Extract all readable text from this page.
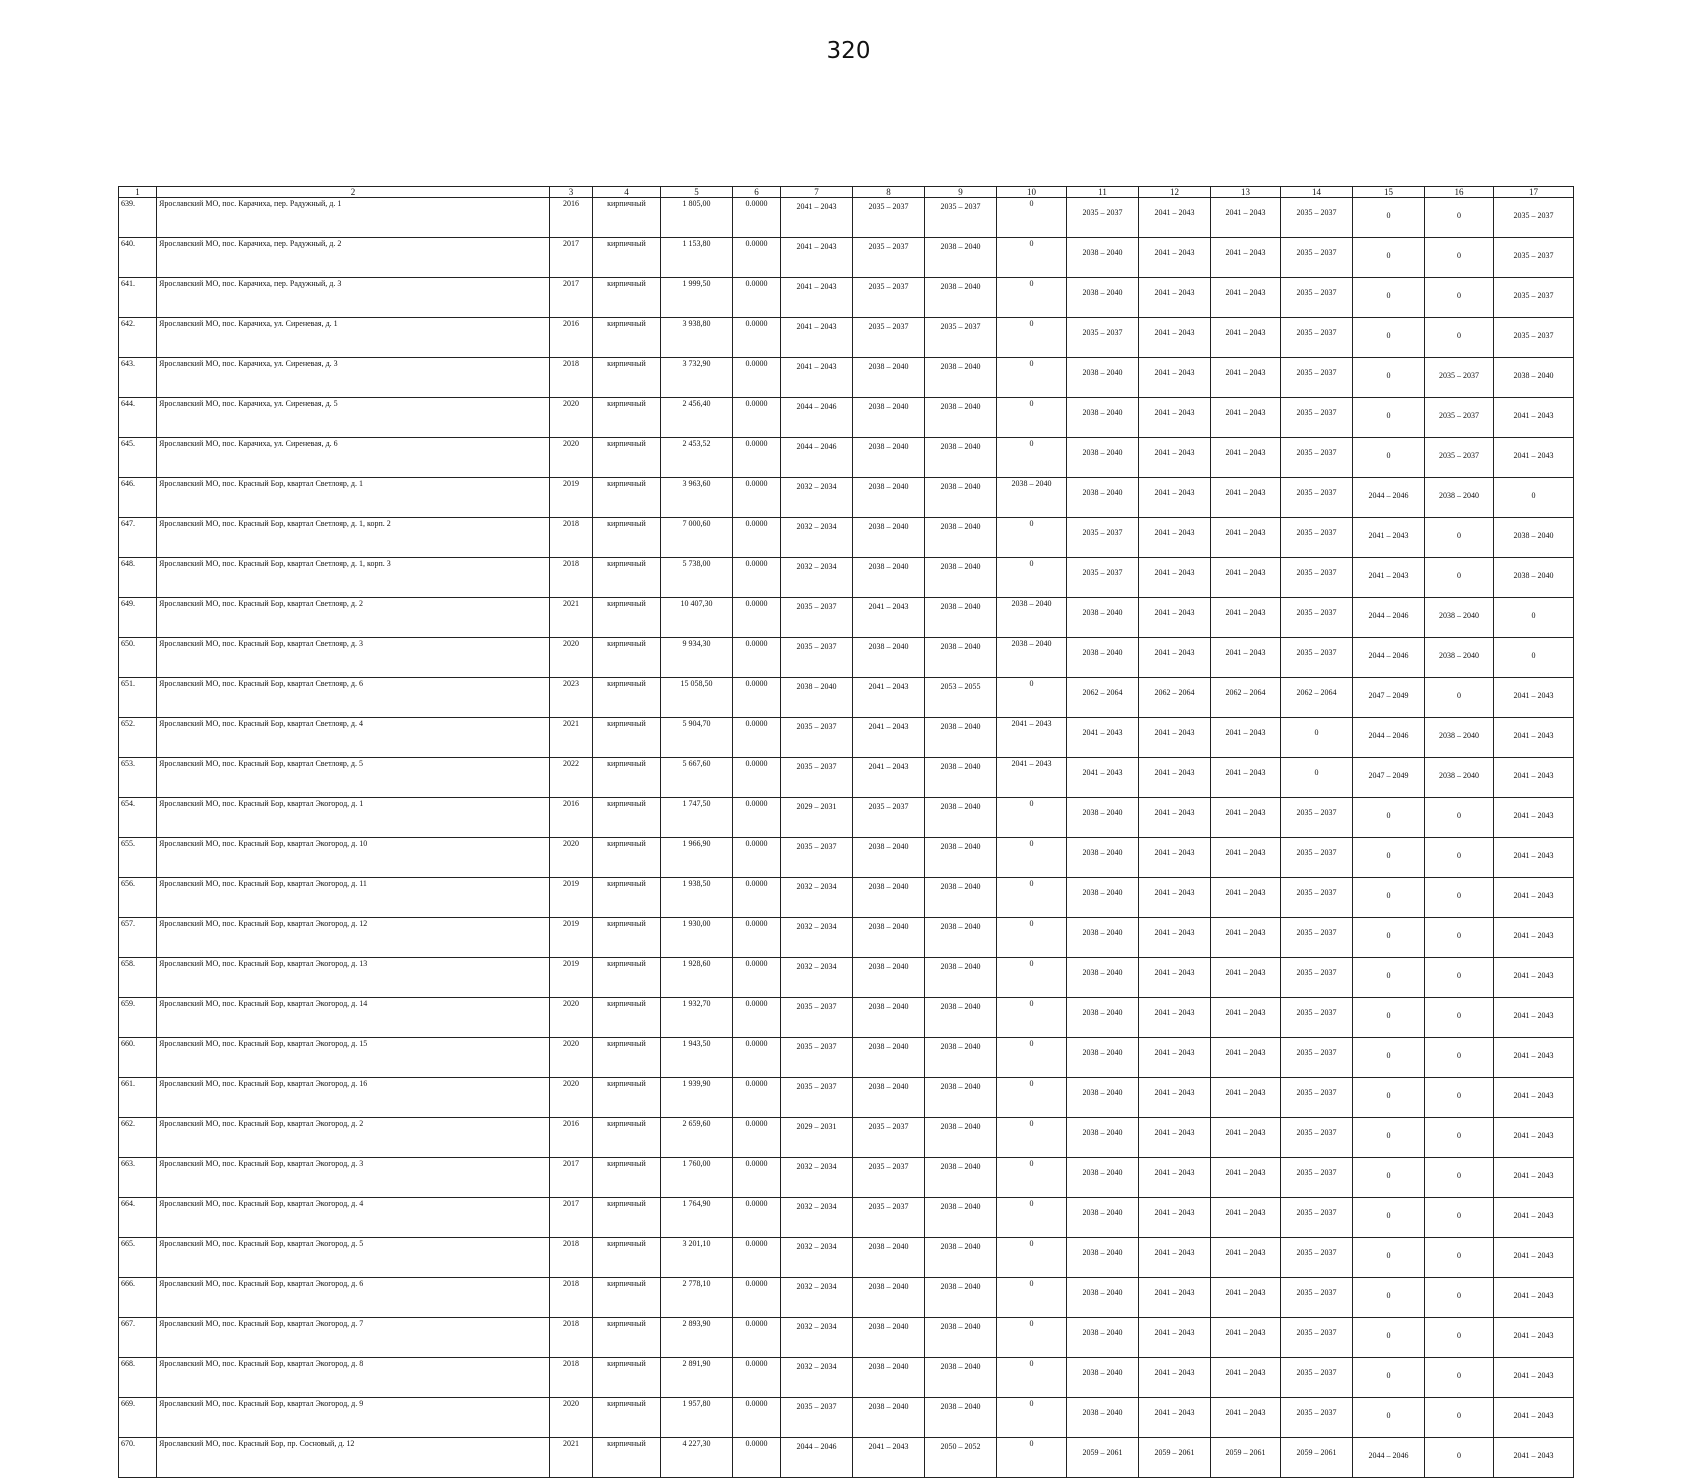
320
1	2	3	4	5	6	7	8	9	10	11	12	13	14	15	16	17
639.	Ярославский МО, пос. Карачиха, пер. Радужный, д. 1	2016	кирпичный	1 805,00	0.0000	2041 – 2043	2035 – 2037	2035 – 2037	0	2035 – 2037	2041 – 2043	2041 – 2043	2035 – 2037	0	0	2035 – 2037
640.	Ярославский МО, пос. Карачиха, пер. Радужный, д. 2	2017	кирпичный	1 153,80	0.0000	2041 – 2043	2035 – 2037	2038 – 2040	0	2038 – 2040	2041 – 2043	2041 – 2043	2035 – 2037	0	0	2035 – 2037
641.	Ярославский МО, пос. Карачиха, пер. Радужный, д. 3	2017	кирпичный	1 999,50	0.0000	2041 – 2043	2035 – 2037	2038 – 2040	0	2038 – 2040	2041 – 2043	2041 – 2043	2035 – 2037	0	0	2035 – 2037
642.	Ярославский МО, пос. Карачиха, ул. Сиреневая, д. 1	2016	кирпичный	3 938,80	0.0000	2041 – 2043	2035 – 2037	2035 – 2037	0	2035 – 2037	2041 – 2043	2041 – 2043	2035 – 2037	0	0	2035 – 2037
643.	Ярославский МО, пос. Карачиха, ул. Сиреневая, д. 3	2018	кирпичный	3 732,90	0.0000	2041 – 2043	2038 – 2040	2038 – 2040	0	2038 – 2040	2041 – 2043	2041 – 2043	2035 – 2037	0	2035 – 2037	2038 – 2040
644.	Ярославский МО, пос. Карачиха, ул. Сиреневая, д. 5	2020	кирпичный	2 456,40	0.0000	2044 – 2046	2038 – 2040	2038 – 2040	0	2038 – 2040	2041 – 2043	2041 – 2043	2035 – 2037	0	2035 – 2037	2041 – 2043
645.	Ярославский МО, пос. Карачиха, ул. Сиреневая, д. 6	2020	кирпичный	2 453,52	0.0000	2044 – 2046	2038 – 2040	2038 – 2040	0	2038 – 2040	2041 – 2043	2041 – 2043	2035 – 2037	0	2035 – 2037	2041 – 2043
646.	Ярославский МО, пос. Красный Бор, квартал Светлояр, д. 1	2019	кирпичный	3 963,60	0.0000	2032 – 2034	2038 – 2040	2038 – 2040	2038 – 2040	2038 – 2040	2041 – 2043	2041 – 2043	2035 – 2037	2044 – 2046	2038 – 2040	0
647.	Ярославский МО, пос. Красный Бор, квартал Светлояр, д. 1, корп. 2	2018	кирпичный	7 000,60	0.0000	2032 – 2034	2038 – 2040	2038 – 2040	0	2035 – 2037	2041 – 2043	2041 – 2043	2035 – 2037	2041 – 2043	0	2038 – 2040
648.	Ярославский МО, пос. Красный Бор, квартал Светлояр, д. 1, корп. 3	2018	кирпичный	5 738,00	0.0000	2032 – 2034	2038 – 2040	2038 – 2040	0	2035 – 2037	2041 – 2043	2041 – 2043	2035 – 2037	2041 – 2043	0	2038 – 2040
649.	Ярославский МО, пос. Красный Бор, квартал Светлояр, д. 2	2021	кирпичный	10 407,30	0.0000	2035 – 2037	2041 – 2043	2038 – 2040	2038 – 2040	2038 – 2040	2041 – 2043	2041 – 2043	2035 – 2037	2044 – 2046	2038 – 2040	0
650.	Ярославский МО, пос. Красный Бор, квартал Светлояр, д. 3	2020	кирпичный	9 934,30	0.0000	2035 – 2037	2038 – 2040	2038 – 2040	2038 – 2040	2038 – 2040	2041 – 2043	2041 – 2043	2035 – 2037	2044 – 2046	2038 – 2040	0
651.	Ярославский МО, пос. Красный Бор, квартал Светлояр, д. 6	2023	кирпичный	15 058,50	0.0000	2038 – 2040	2041 – 2043	2053 – 2055	0	2062 – 2064	2062 – 2064	2062 – 2064	2062 – 2064	2047 – 2049	0	2041 – 2043
652.	Ярославский МО, пос. Красный Бор, квартал Светлояр, д. 4	2021	кирпичный	5 904,70	0.0000	2035 – 2037	2041 – 2043	2038 – 2040	2041 – 2043	2041 – 2043	2041 – 2043	2041 – 2043	0	2044 – 2046	2038 – 2040	2041 – 2043
653.	Ярославский МО, пос. Красный Бор, квартал Светлояр, д. 5	2022	кирпичный	5 667,60	0.0000	2035 – 2037	2041 – 2043	2038 – 2040	2041 – 2043	2041 – 2043	2041 – 2043	2041 – 2043	0	2047 – 2049	2038 – 2040	2041 – 2043
654.	Ярославский МО, пос. Красный Бор, квартал Экогород, д. 1	2016	кирпичный	1 747,50	0.0000	2029 – 2031	2035 – 2037	2038 – 2040	0	2038 – 2040	2041 – 2043	2041 – 2043	2035 – 2037	0	0	2041 – 2043
655.	Ярославский МО, пос. Красный Бор, квартал Экогород, д. 10	2020	кирпичный	1 966,90	0.0000	2035 – 2037	2038 – 2040	2038 – 2040	0	2038 – 2040	2041 – 2043	2041 – 2043	2035 – 2037	0	0	2041 – 2043
656.	Ярославский МО, пос. Красный Бор, квартал Экогород, д. 11	2019	кирпичный	1 938,50	0.0000	2032 – 2034	2038 – 2040	2038 – 2040	0	2038 – 2040	2041 – 2043	2041 – 2043	2035 – 2037	0	0	2041 – 2043
657.	Ярославский МО, пос. Красный Бор, квартал Экогород, д. 12	2019	кирпичный	1 930,00	0.0000	2032 – 2034	2038 – 2040	2038 – 2040	0	2038 – 2040	2041 – 2043	2041 – 2043	2035 – 2037	0	0	2041 – 2043
658.	Ярославский МО, пос. Красный Бор, квартал Экогород, д. 13	2019	кирпичный	1 928,60	0.0000	2032 – 2034	2038 – 2040	2038 – 2040	0	2038 – 2040	2041 – 2043	2041 – 2043	2035 – 2037	0	0	2041 – 2043
659.	Ярославский МО, пос. Красный Бор, квартал Экогород, д. 14	2020	кирпичный	1 932,70	0.0000	2035 – 2037	2038 – 2040	2038 – 2040	0	2038 – 2040	2041 – 2043	2041 – 2043	2035 – 2037	0	0	2041 – 2043
660.	Ярославский МО, пос. Красный Бор, квартал Экогород, д. 15	2020	кирпичный	1 943,50	0.0000	2035 – 2037	2038 – 2040	2038 – 2040	0	2038 – 2040	2041 – 2043	2041 – 2043	2035 – 2037	0	0	2041 – 2043
661.	Ярославский МО, пос. Красный Бор, квартал Экогород, д. 16	2020	кирпичный	1 939,90	0.0000	2035 – 2037	2038 – 2040	2038 – 2040	0	2038 – 2040	2041 – 2043	2041 – 2043	2035 – 2037	0	0	2041 – 2043
662.	Ярославский МО, пос. Красный Бор, квартал Экогород, д. 2	2016	кирпичный	2 659,60	0.0000	2029 – 2031	2035 – 2037	2038 – 2040	0	2038 – 2040	2041 – 2043	2041 – 2043	2035 – 2037	0	0	2041 – 2043
663.	Ярославский МО, пос. Красный Бор, квартал Экогород, д. 3	2017	кирпичный	1 760,00	0.0000	2032 – 2034	2035 – 2037	2038 – 2040	0	2038 – 2040	2041 – 2043	2041 – 2043	2035 – 2037	0	0	2041 – 2043
664.	Ярославский МО, пос. Красный Бор, квартал Экогород, д. 4	2017	кирпичный	1 764,90	0.0000	2032 – 2034	2035 – 2037	2038 – 2040	0	2038 – 2040	2041 – 2043	2041 – 2043	2035 – 2037	0	0	2041 – 2043
665.	Ярославский МО, пос. Красный Бор, квартал Экогород, д. 5	2018	кирпичный	3 201,10	0.0000	2032 – 2034	2038 – 2040	2038 – 2040	0	2038 – 2040	2041 – 2043	2041 – 2043	2035 – 2037	0	0	2041 – 2043
666.	Ярославский МО, пос. Красный Бор, квартал Экогород, д. 6	2018	кирпичный	2 778,10	0.0000	2032 – 2034	2038 – 2040	2038 – 2040	0	2038 – 2040	2041 – 2043	2041 – 2043	2035 – 2037	0	0	2041 – 2043
667.	Ярославский МО, пос. Красный Бор, квартал Экогород, д. 7	2018	кирпичный	2 893,90	0.0000	2032 – 2034	2038 – 2040	2038 – 2040	0	2038 – 2040	2041 – 2043	2041 – 2043	2035 – 2037	0	0	2041 – 2043
668.	Ярославский МО, пос. Красный Бор, квартал Экогород, д. 8	2018	кирпичный	2 891,90	0.0000	2032 – 2034	2038 – 2040	2038 – 2040	0	2038 – 2040	2041 – 2043	2041 – 2043	2035 – 2037	0	0	2041 – 2043
669.	Ярославский МО, пос. Красный Бор, квартал Экогород, д. 9	2020	кирпичный	1 957,80	0.0000	2035 – 2037	2038 – 2040	2038 – 2040	0	2038 – 2040	2041 – 2043	2041 – 2043	2035 – 2037	0	0	2041 – 2043
670.	Ярославский МО, пос. Красный Бор, пр. Сосновый, д. 12	2021	кирпичный	4 227,30	0.0000	2044 – 2046	2041 – 2043	2050 – 2052	0	2059 – 2061	2059 – 2061	2059 – 2061	2059 – 2061	2044 – 2046	0	2041 – 2043
